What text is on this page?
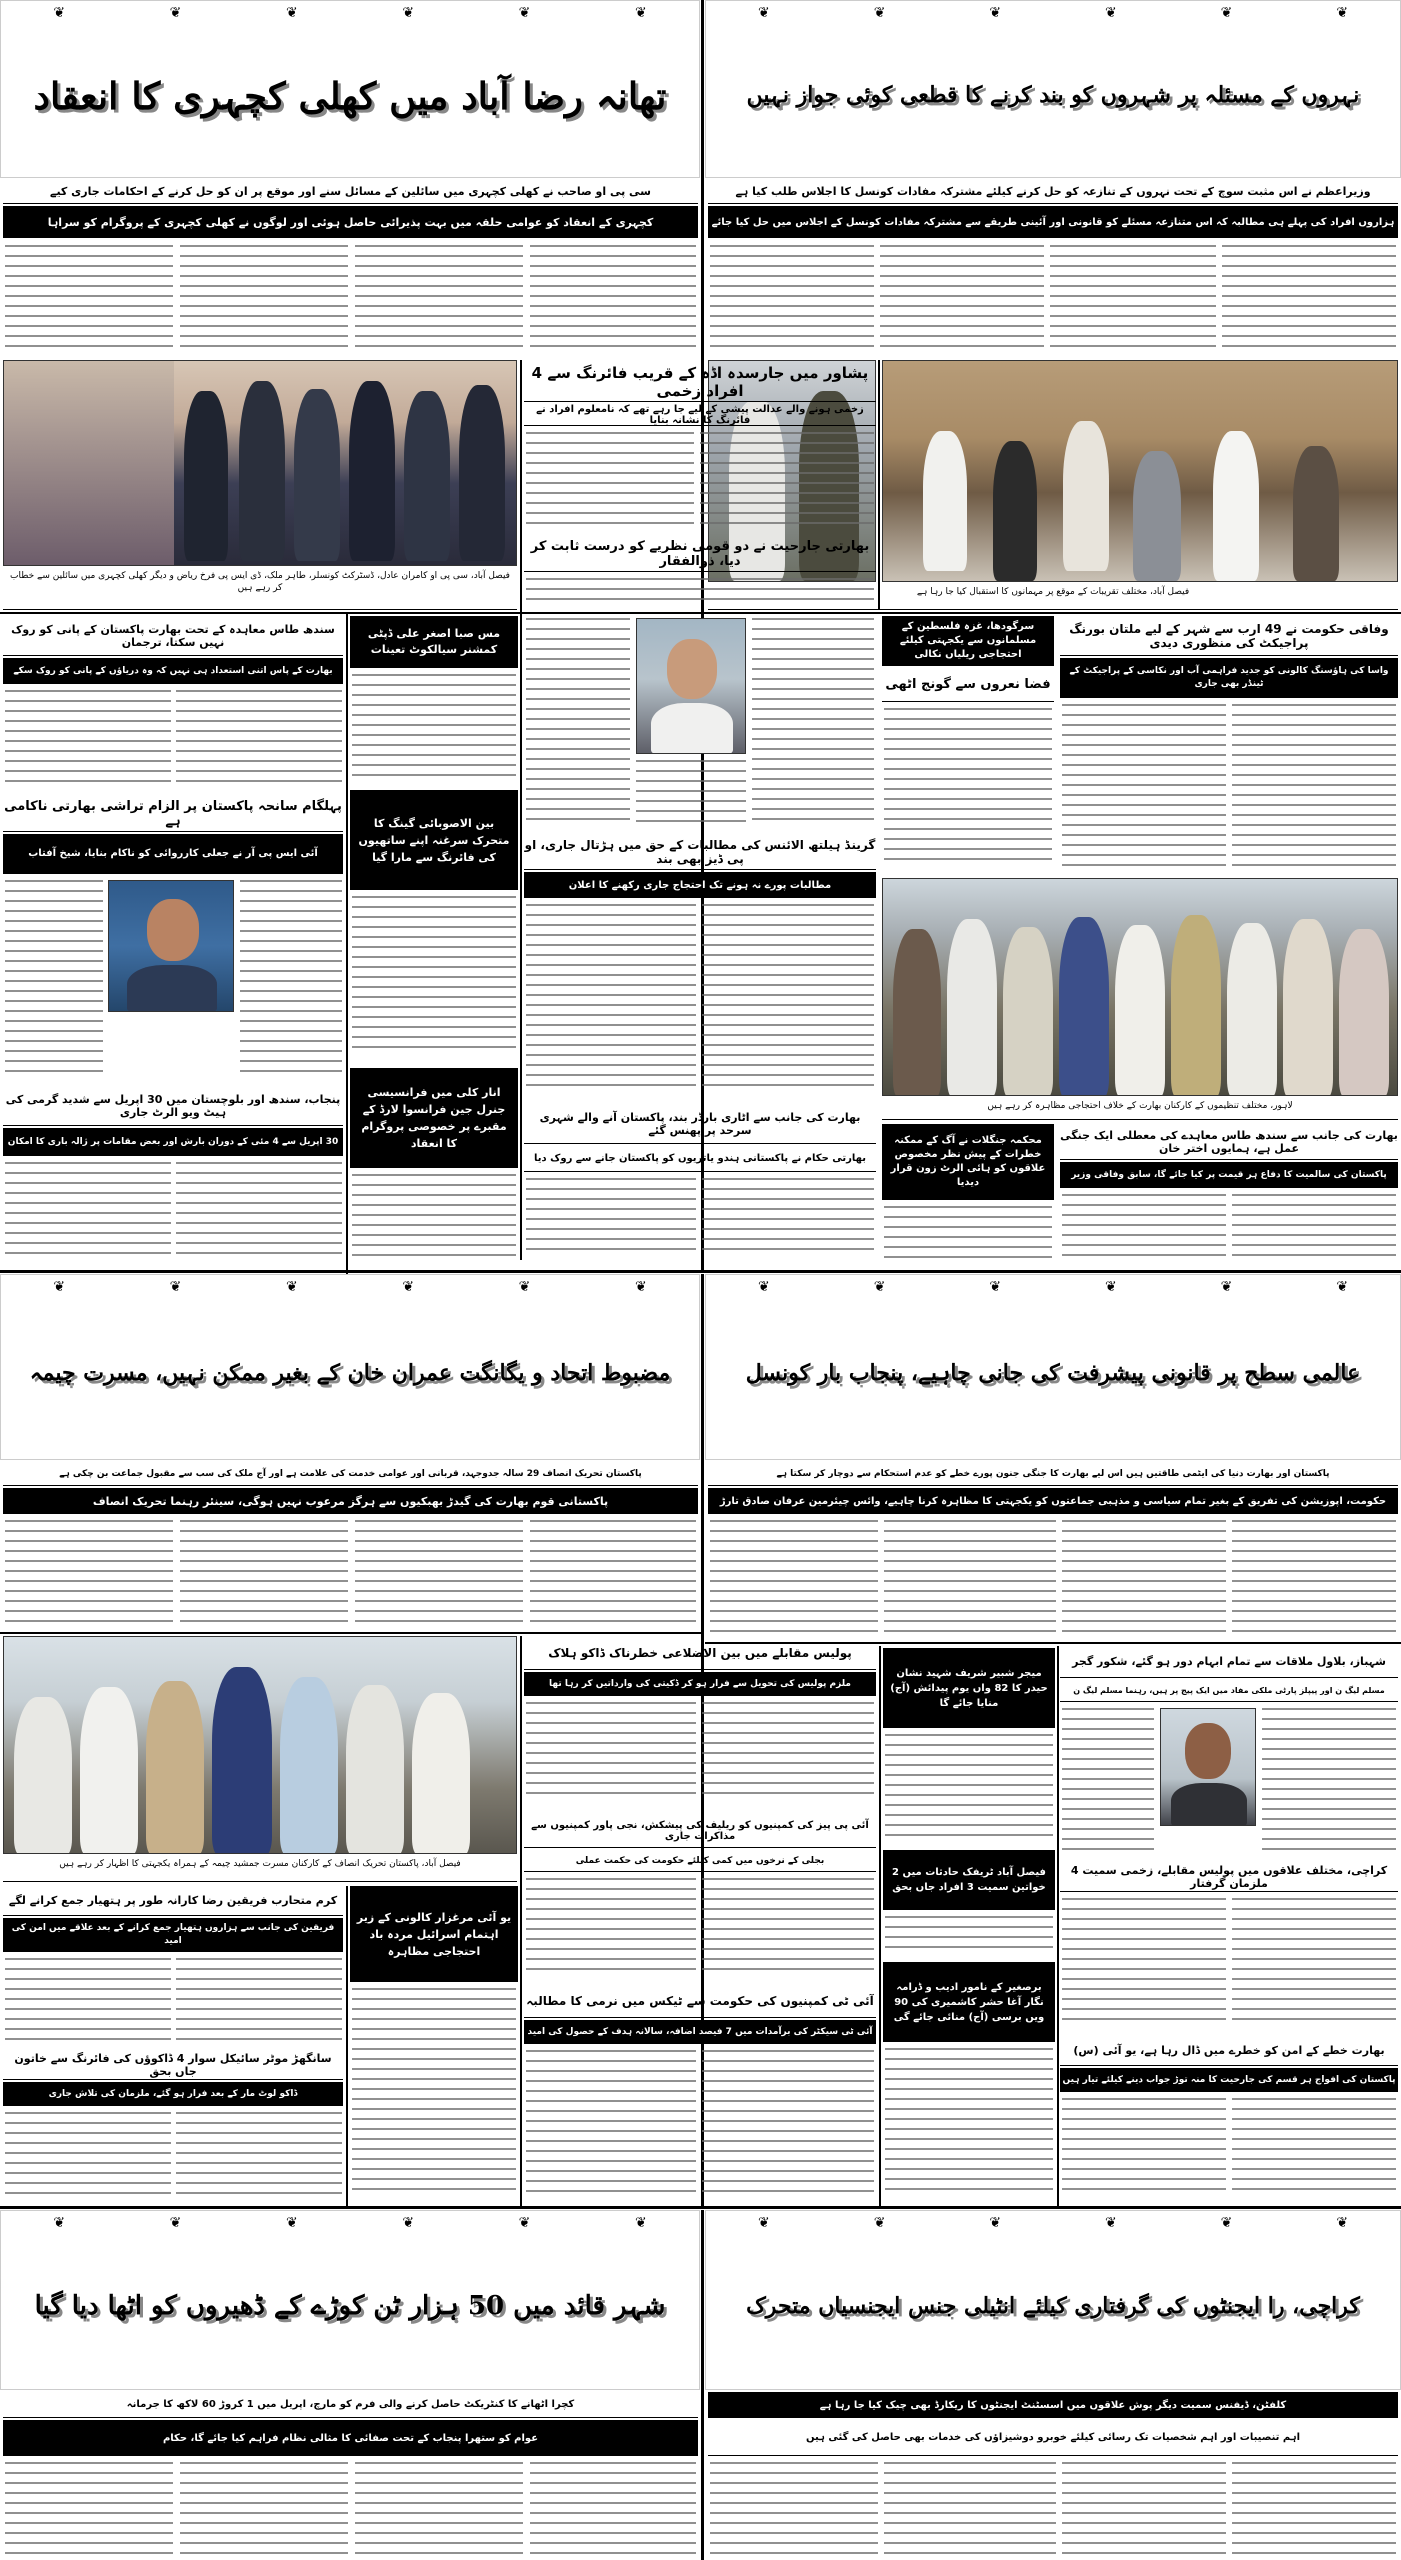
❦
❦
❦
❦
❦
❦
نہروں کے مسئلہ پر شہروں کو بند کرنے کا قطعی کوئی جواز نہیں
❦
❦
❦
❦
❦
❦
تھانہ رضا آباد میں کھلی کچہری کا انعقاد
وزیراعظم نے اس مثبت سوچ کے تحت نہروں کے تنازعہ کو حل کرنے کیلئے مشترکہ مفادات کونسل کا اجلاس طلب کیا ہے
ہزاروں افراد کی پہلے ہی مطالبہ کہ اس متنازعہ مسئلے کو قانونی اور آئینی طریقے سے مشترکہ مفادات کونسل کے اجلاس میں حل کیا جائے
سی پی او صاحب نے کھلی کچہری میں سائلین کے مسائل سنے اور موقع پر ان کو حل کرنے کے احکامات جاری کیے
کچہری کے انعقاد کو عوامی حلقہ میں بہت پذیرائی حاصل ہوئی اور لوگوں نے کھلی کچہری کے پروگرام کو سراہا
فیصل آباد، مختلف تقریبات کے موقع پر مہمانوں کا استقبال کیا جا رہا ہے
فیصل آباد، سی پی او کامران عادل، ڈسٹرکٹ کونسلر، طاہر ملک، ڈی ایس پی فرخ ریاض و دیگر کھلی کچہری میں سائلین سے خطاب کر رہے ہیں
پشاور میں جارسدہ اڈہ کے قریب فائرنگ سے 4 افراد زخمی
زخمی ہونے والے عدالت پیشی کے لیے جا رہے تھے کہ نامعلوم افراد نے فائرنگ کا نشانہ بنایا
بھارتی جارحیت نے دو قومی نظریے کو درست ثابت کر دیا، ذوالفقار
وفاقی حکومت نے 49 ارب سے شہر کے لیے ملتان بورنگ پراجیکٹ کی منظوری دیدی
واسا کی ہاؤسنگ کالونی کو جدید فراہمی آب اور نکاسی کے پراجیکٹ کے ٹینڈر بھی جاری
سرگودھا، غزہ فلسطین کے مسلمانوں سے یکجہتی کیلئے احتجاجی ریلیاں نکالی
فضا نعروں سے گونج اٹھی
لاہور، مختلف تنظیموں کے کارکنان بھارت کے خلاف احتجاجی مظاہرہ کر رہے ہیں
محکمہ جنگلات نے آگ کے ممکنہ خطرات کے پیش نظر مخصوص علاقوں کو ہائی الرٹ زون قرار دیدیا
بھارت کی جانب سے سندھ طاس معاہدے کی معطلی ایک جنگی عمل ہے، ہمایوں اختر خان
پاکستان کی سالمیت کا دفاع ہر قیمت پر کیا جائے گا، سابق وفاقی وزیر
گرینڈ ہیلتھ الائنس کی مطالبات کے حق میں ہڑتال جاری، او پی ڈیز بھی بند
مطالبات پورے نہ ہونے تک احتجاج جاری رکھنے کا اعلان
بھارت کی جانب سے اٹاری بارڈر بند، پاکستان آنے والے شہری سرحد پر پھنس گئے
بھارتی حکام نے پاکستانی ہندو یاتریوں کو پاکستان جانے سے روک دیا
مس صبا اصغر علی ڈپٹی کمشنر سیالکوٹ تعینات
بین الاصوبائی گینگ کا متحرک سرغنہ اپنے ساتھیوں کی فائرنگ سے مارا گیا
انار کلی میں فرانسیسی جنرل جین فرانسوا لارڈ کے مقبرے پر خصوصی پروگرام کا انعقاد
سندھ طاس معاہدہ کے تحت بھارت پاکستان کے پانی کو روک نہیں سکتا، ترجمان
بھارت کے پاس اتنی استعداد ہی نہیں کہ وہ دریاؤں کے پانی کو روک سکے
پہلگام سانحہ پاکستان پر الزام تراشی بھارتی ناکامی ہے
آئی ایس پی آر نے جعلی کارروائی کو ناکام بنایا، شیخ آفتاب
پنجاب، سندھ اور بلوچستان میں 30 اپریل سے شدید گرمی کی ہیٹ ویو الرٹ جاری
30 اپریل سے 4 مئی کے دوران بارش اور بعض مقامات پر ژالہ باری کا امکان
❦
❦
❦
❦
❦
❦
عالمی سطح پر قانونی پیشرفت کی جانی چاہیے، پنجاب بار کونسل
❦
❦
❦
❦
❦
❦
مضبوط اتحاد و یگانگت عمران خان کے بغیر ممکن نہیں، مسرت چیمہ
پاکستان اور بھارت دنیا کی ایٹمی طاقتیں ہیں اس لیے بھارت کا جنگی جنون پورے خطے کو عدم استحکام سے دوچار کر سکتا ہے
حکومت، اپوزیشن کی تفریق کے بغیر تمام سیاسی و مذہبی جماعتوں کو یکجہتی کا مظاہرہ کرنا چاہیے، وائس چیئرمین عرفان صادق تارڑ
پاکستان تحریک انصاف 29 سالہ جدوجہد، قربانی اور عوامی خدمت کی علامت ہے اور آج ملک کی سب سے مقبول جماعت بن چکی ہے
پاکستانی قوم بھارت کی گیدڑ بھبکیوں سے ہرگز مرعوب نہیں ہوگی، سینئر رہنما تحریک انصاف
شہباز، بلاول ملاقات سے تمام ابہام دور ہو گئے، شکور گجر
مسلم لیگ ن اور پیپلز پارٹی ملکی مفاد میں ایک پیج پر ہیں، رہنما مسلم لیگ ن
کراچی، مختلف علاقوں میں پولیس مقابلے، زخمی سمیت 4 ملزمان گرفتار
بھارت خطے کے امن کو خطرے میں ڈال رہا ہے، یو آئی (س)
پاکستان کی افواج ہر قسم کی جارحیت کا منہ توڑ جواب دینے کیلئے تیار ہیں
میجر شبیر شریف شہید نشان حیدر کا 82 واں یوم پیدائش (آج) منایا جائے گا
فیصل آباد ٹریفک حادثات میں 2 خواتین سمیت 3 افراد جاں بحق
برصغیر کے نامور ادیب و ڈرامہ نگار آغا حشر کاشمیری کی 90 ویں برسی (آج) منائی جائے گی
پولیس مقابلے میں بین الاضلاعی خطرناک ڈاکو ہلاک
ملزم پولیس کی تحویل سے فرار ہو کر ڈکیتی کی وارداتیں کر رہا تھا
آئی پی پیز کی کمپنیوں کو ریلیف کی پیشکش، نجی پاور کمپنیوں سے مذاکرات جاری
بجلی کے نرخوں میں کمی کیلئے حکومت کی حکمت عملی
آئی ٹی کمپنیوں کی حکومت سے ٹیکس میں نرمی کا مطالبہ
آئی ٹی سیکٹر کی برآمدات میں 7 فیصد اضافہ، سالانہ ہدف کے حصول کی امید
فیصل آباد، پاکستان تحریک انصاف کے کارکنان مسرت جمشید چیمہ کے ہمراہ یکجہتی کا اظہار کر رہے ہیں
کرم متحارب فریقین رضا کارانہ طور پر ہتھیار جمع کرانے لگے
فریقین کی جانب سے ہزاروں ہتھیار جمع کرانے کے بعد علاقے میں امن کی امید
یو آئی مرغزار کالونی کے زیر اہتمام اسرائیل مردہ باد احتجاجی مظاہرہ
سانگھڑ موٹر سائیکل سوار 4 ڈاکوؤں کی فائرنگ سے خاتون جاں بحق
ڈاکو لوٹ مار کے بعد فرار ہو گئے، ملزمان کی تلاش جاری
❦
❦
❦
❦
❦
❦
کراچی، را ایجنٹوں کی گرفتاری کیلئے انٹیلی جنس ایجنسیاں متحرک
❦
❦
❦
❦
❦
❦
شہر قائد میں 50 ہزار ٹن کوڑے کے ڈھیروں کو اٹھا دیا گیا
کلفٹن، ڈیفنس سمیت دیگر پوش علاقوں میں اسسٹنٹ ایجنٹوں کا ریکارڈ بھی چیک کیا جا رہا ہے
اہم تنصیبات اور اہم شخصیات تک رسائی کیلئے خوبرو دوشیزاؤں کی خدمات بھی حاصل کی گئی ہیں
کچرا اٹھانے کا کنٹریکٹ حاصل کرنے والی فرم کو مارچ، اپریل میں 1 کروڑ 60 لاکھ کا جرمانہ
عوام کو ستھرا پنجاب کے تحت صفائی کا مثالی نظام فراہم کیا جائے گا، حکام
